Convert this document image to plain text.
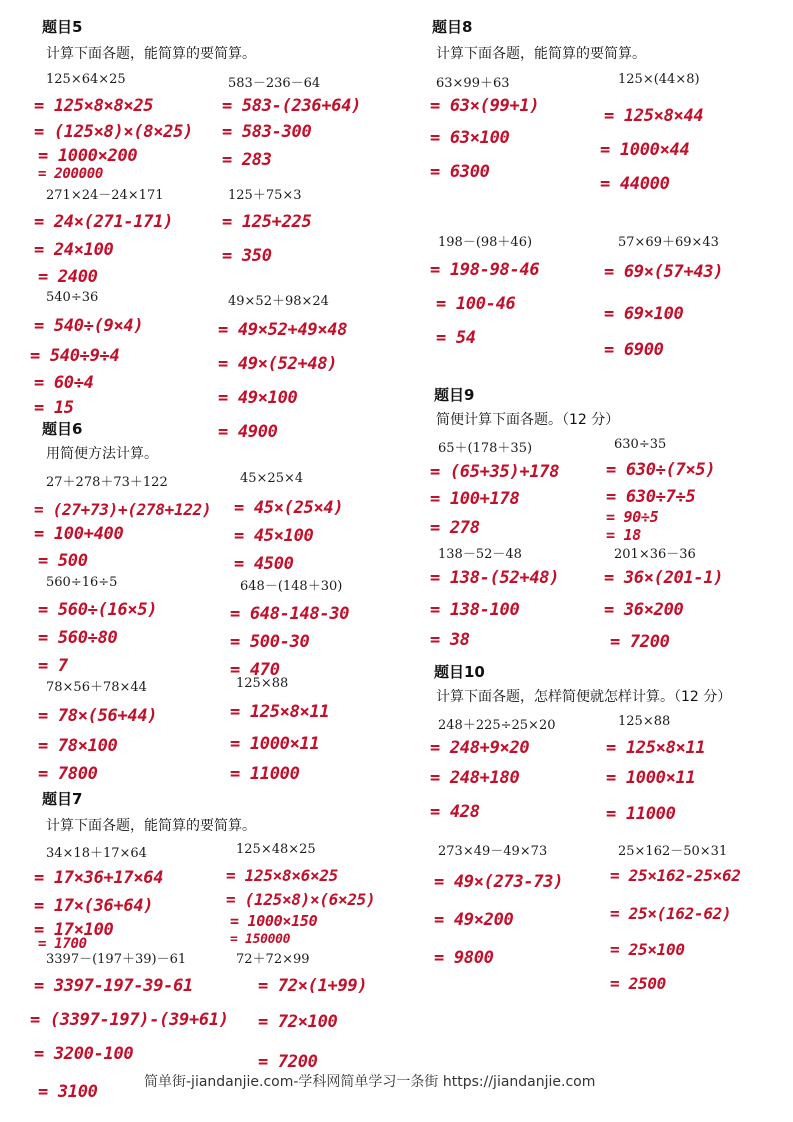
题目5
计算下面各题，能简算的要简算。
125×64×25
= 125×8×8×25
= (125×8)×(8×25)
= 1000×200
= 200000
583－236－64
= 583-(236+64)
= 583-300
= 283
271×24－24×171
= 24×(271-171)
= 24×100
= 2400
125＋75×3
= 125+225
= 350
540÷36
= 540÷(9×4)
= 540÷9÷4
= 60÷4
= 15
49×52＋98×24
= 49×52+49×48
= 49×(52+48)
= 49×100
= 4900
题目6
用简便方法计算。
27＋278＋73＋122
= (27+73)+(278+122)
= 100+400
= 500
45×25×4
= 45×(25×4)
= 45×100
= 4500
560÷16÷5
= 560÷(16×5)
= 560÷80
= 7
648－(148＋30)
= 648-148-30
= 500-30
= 470
78×56＋78×44
= 78×(56+44)
= 78×100
= 7800
125×88
= 125×8×11
= 1000×11
= 11000
题目7
计算下面各题，能简算的要简算。
34×18＋17×64
= 17×36+17×64
= 17×(36+64)
= 17×100
= 1700
125×48×25
= 125×8×6×25
= (125×8)×(6×25)
= 1000×150
= 150000
3397－(197＋39)－61
= 3397-197-39-61
= (3397-197)-(39+61)
= 3200-100
= 3100
72＋72×99
= 72×(1+99)
= 72×100
= 7200
题目8
计算下面各题，能简算的要简算。
63×99＋63
= 63×(99+1)
= 63×100
= 6300
125×(44×8)
= 125×8×44
= 1000×44
= 44000
198－(98＋46)
= 198-98-46
= 100-46
= 54
57×69＋69×43
= 69×(57+43)
= 69×100
= 6900
题目9
简便计算下面各题。（12 分）
65＋(178＋35)
= (65+35)+178
= 100+178
= 278
630÷35
= 630÷(7×5)
= 630÷7÷5
= 90÷5
= 18
138－52－48
= 138-(52+48)
= 138-100
= 38
201×36－36
= 36×(201-1)
= 36×200
= 7200
题目10
计算下面各题，怎样简便就怎样计算。（12 分）
248＋225÷25×20
= 248+9×20
= 248+180
= 428
125×88
= 125×8×11
= 1000×11
= 11000
273×49－49×73
= 49×(273-73)
= 49×200
= 9800
25×162－50×31
= 25×162-25×62
= 25×(162-62)
= 25×100
= 2500
简单街-jiandanjie.com-学科网简单学习一条街 https://jiandanjie.com
